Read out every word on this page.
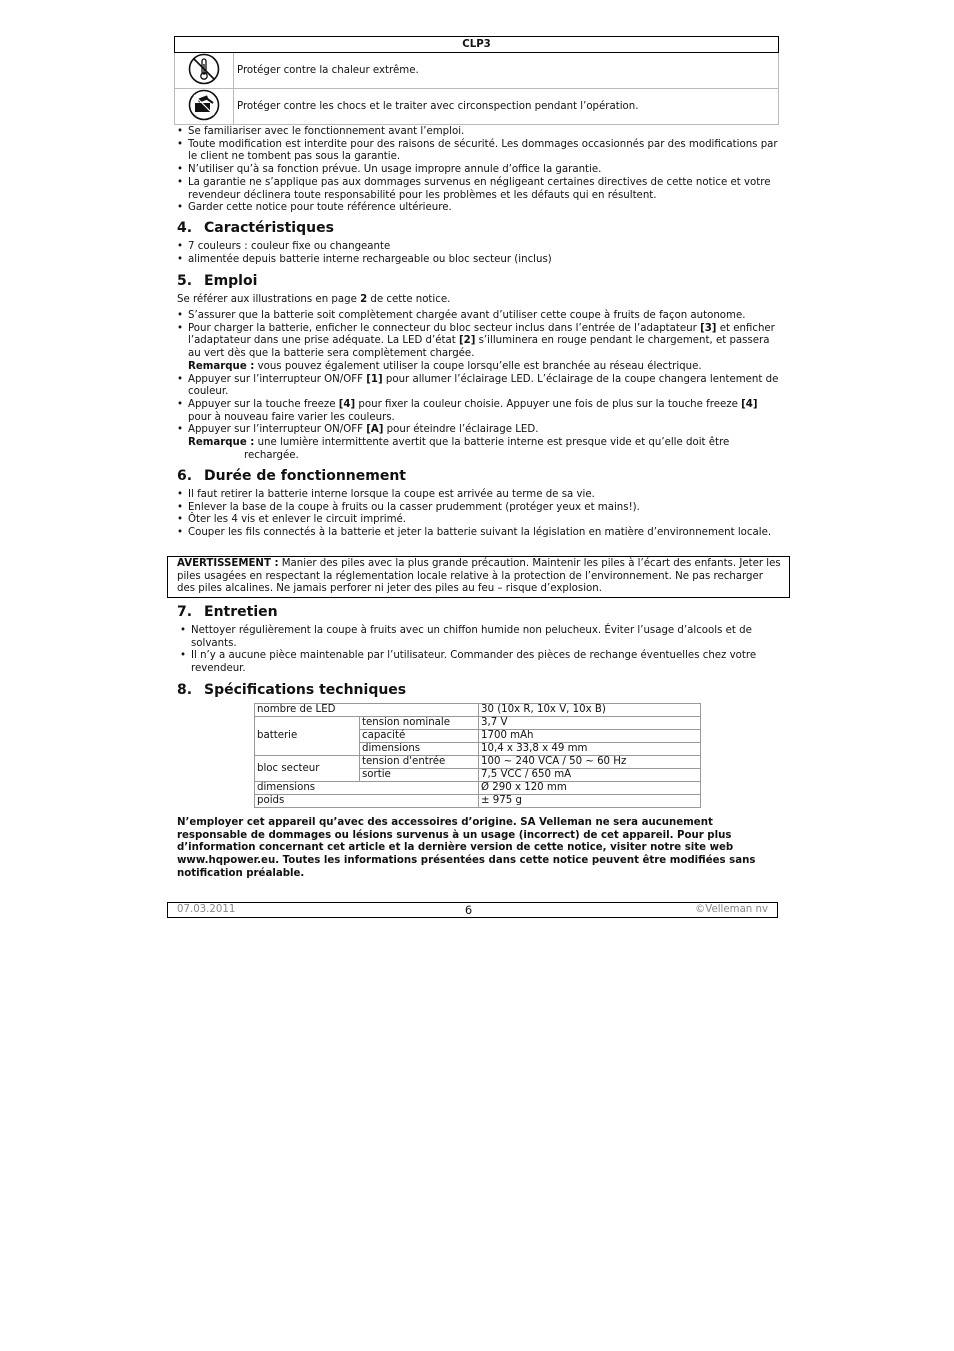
CLP3	
	Protéger contre la chaleur extrême.
	Protéger contre les chocs et le traiter avec circonspection pendant l’opération.
• Se familiariser avec le fonctionnement avant l’emploi.
• Toute modification est interdite pour des raisons de sécurité. Les dommages occasionnés par des modifications par le client ne tombent pas sous la garantie.
• N’utiliser qu’à sa fonction prévue. Un usage impropre annule d’office la garantie.
• La garantie ne s’applique pas aux dommages survenus en négligeant certaines directives de cette notice et votre revendeur déclinera toute responsabilité pour les problèmes et les défauts qui en résultent.
• Garder cette notice pour toute référence ultérieure.
4. Caractéristiques
• 7 couleurs : couleur fixe ou changeante
• alimentée depuis batterie interne rechargeable ou bloc secteur (inclus)
5. Emploi
Se référer aux illustrations en page 2 de cette notice.
• S’assurer que la batterie soit complètement chargée avant d’utiliser cette coupe à fruits de façon autonome.
• Pour charger la batterie, enficher le connecteur du bloc secteur inclus dans l’entrée de l’adaptateur [3] et enficher l’adaptateur dans une prise adéquate. La LED d’état [2] s’illuminera en rouge pendant le chargement, et passera au vert dès que la batterie sera complètement chargée.
Remarque : vous pouvez également utiliser la coupe lorsqu’elle est branchée au réseau électrique.
• Appuyer sur l’interrupteur ON/OFF [1] pour allumer l’éclairage LED. L’éclairage de la coupe changera lentement de couleur.
• Appuyer sur la touche freeze [4] pour fixer la couleur choisie. Appuyer une fois de plus sur la touche freeze [4] pour à nouveau faire varier les couleurs.
• Appuyer sur l’interrupteur ON/OFF [A] pour éteindre l’éclairage LED.
Remarque : une lumière intermittente avertit que la batterie interne est presque vide et qu’elle doit être
rechargée.
6. Durée de fonctionnement
• Il faut retirer la batterie interne lorsque la coupe est arrivée au terme de sa vie.
• Enlever la base de la coupe à fruits ou la casser prudemment (protéger yeux et mains!).
• Ôter les 4 vis et enlever le circuit imprimé.
• Couper les fils connectés à la batterie et jeter la batterie suivant la législation en matière d’environnement locale.
AVERTISSEMENT : Manier des piles avec la plus grande précaution. Maintenir les piles à l’écart des enfants. Jeter les piles usagées en respectant la réglementation locale relative à la protection de l’environnement. Ne pas recharger des piles alcalines. Ne jamais perforer ni jeter des piles au feu – risque d’explosion.
7. Entretien
• Nettoyer régulièrement la coupe à fruits avec un chiffon humide non pelucheux. Éviter l’usage d’alcools et de solvants.
• Il n’y a aucune pièce maintenable par l’utilisateur. Commander des pièces de rechange éventuelles chez votre revendeur.
8. Spécifications techniques
nombre de LED		30 (10x R, 10x V, 10x B)
batterie	tension nominale	3,7 V
	capacité	1700 mAh
	dimensions	10,4 x 33,8 x 49 mm
bloc secteur	tension d'entrée	100 ~ 240 VCA / 50 ~ 60 Hz
	sortie	7,5 VCC / 650 mA
dimensions		Ø 290 x 120 mm
poids		± 975 g
N’employer cet appareil qu’avec des accessoires d’origine. SA Velleman ne sera aucunement responsable de dommages ou lésions survenus à un usage (incorrect) de cet appareil. Pour plus d’information concernant cet article et la dernière version de cette notice, visiter notre site web www.hqpower.eu. Toutes les informations présentées dans cette notice peuvent être modifiées sans notification préalable.
07.03.2011	6	©Velleman nv
